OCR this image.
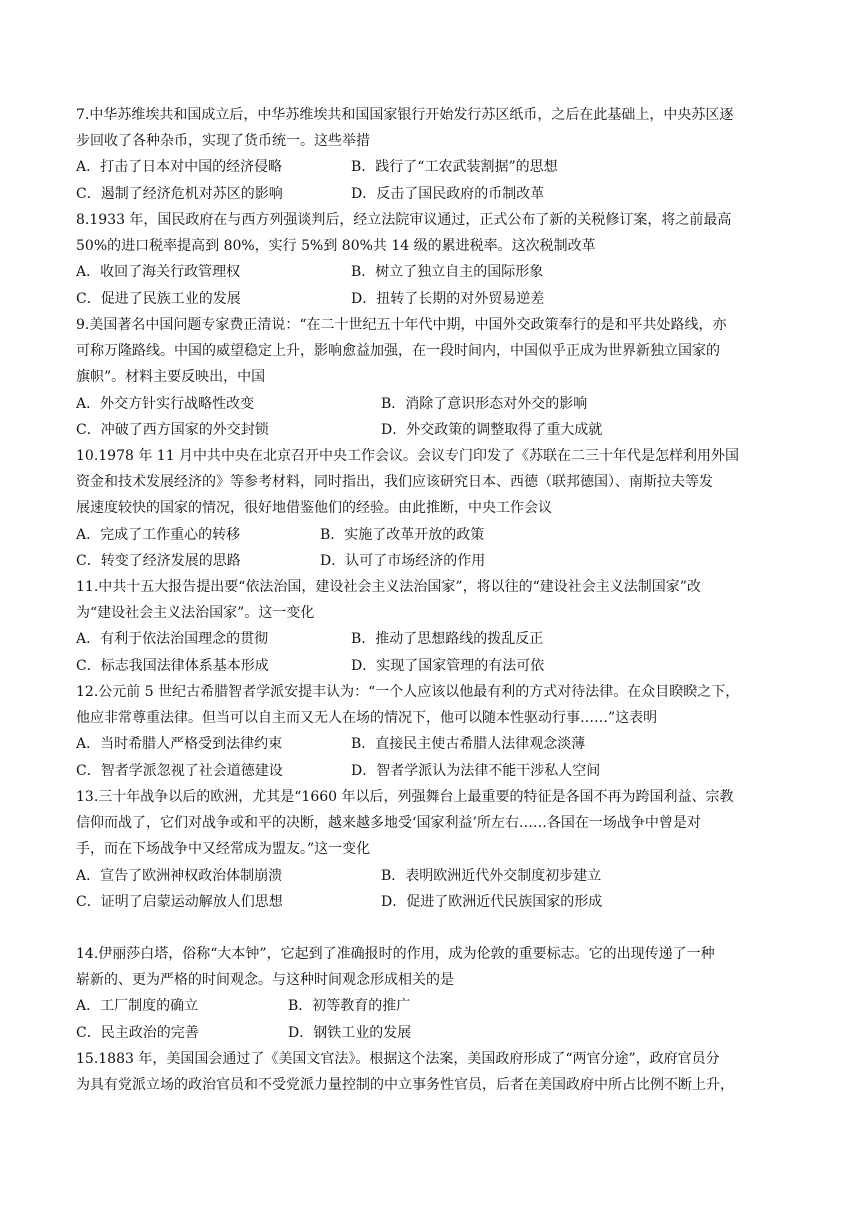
7.中华苏维埃共和国成立后，中华苏维埃共和国国家银行开始发行苏区纸币，之后在此基础上，中央苏区逐
步回收了各种杂币，实现了货币统一。这些举措
A．打击了日本对中国的经济侵略	B．践行了“工农武装割据”的思想
C．遏制了经济危机对苏区的影响	D．反击了国民政府的币制改革
8.1933 年，国民政府在与西方列强谈判后，经立法院审议通过，正式公布了新的关税修订案，将之前最高
50%的进口税率提高到 80%，实行 5%到 80%共 14 级的累进税率。这次税制改革
A．收回了海关行政管理权	B．树立了独立自主的国际形象
C．促进了民族工业的发展	D．扭转了长期的对外贸易逆差
9.美国著名中国问题专家费正清说：“在二十世纪五十年代中期，中国外交政策奉行的是和平共处路线，亦
可称万隆路线。中国的威望稳定上升，影响愈益加强，在一段时间内，中国似乎正成为世界新独立国家的
旗帜”。材料主要反映出，中国
A．外交方针实行战略性改变	B．消除了意识形态对外交的影响
C．冲破了西方国家的外交封锁	D．外交政策的调整取得了重大成就
10.1978 年 11 月中共中央在北京召开中央工作会议。会议专门印发了《苏联在二三十年代是怎样利用外国
资金和技术发展经济的》等参考材料，同时指出，我们应该研究日本、西德（联邦德国）、南斯拉夫等发
展速度较快的国家的情况，很好地借鉴他们的经验。由此推断，中央工作会议
A．完成了工作重心的转移	B．实施了改革开放的政策
C．转变了经济发展的思路	D．认可了市场经济的作用
11.中共十五大报告提出要“依法治国，建设社会主义法治国家”，将以往的“建设社会主义法制国家”改
为“建设社会主义法治国家”。这一变化
A．有利于依法治国理念的贯彻	B．推动了思想路线的拨乱反正
C．标志我国法律体系基本形成	D．实现了国家管理的有法可依
12.公元前 5 世纪古希腊智者学派安提丰认为：“一个人应该以他最有利的方式对待法律。在众目睽睽之下，
他应非常尊重法律。但当可以自主而又无人在场的情况下，他可以随本性驱动行事……”这表明
A．当时希腊人严格受到法律约束	B．直接民主使古希腊人法律观念淡薄
C．智者学派忽视了社会道德建设	D．智者学派认为法律不能干涉私人空间
13.三十年战争以后的欧洲，尤其是“1660 年以后，列强舞台上最重要的特征是各国不再为跨国利益、宗教
信仰而战了，它们对战争或和平的决断，越来越多地受‘国家利益’所左右……各国在一场战争中曾是对
手，而在下场战争中又经常成为盟友。”这一变化
A．宣告了欧洲神权政治体制崩溃	B．表明欧洲近代外交制度初步建立
C．证明了启蒙运动解放人们思想	D．促进了欧洲近代民族国家的形成
14.伊丽莎白塔，俗称“大本钟”，它起到了准确报时的作用，成为伦敦的重要标志。它的出现传递了一种
崭新的、更为严格的时间观念。与这种时间观念形成相关的是
A．工厂制度的确立	B．初等教育的推广
C．民主政治的完善	D．钢铁工业的发展
15.1883 年，美国国会通过了《美国文官法》。根据这个法案，美国政府形成了“两官分途”，政府官员分
为具有党派立场的政治官员和不受党派力量控制的中立事务性官员，后者在美国政府中所占比例不断上升，
